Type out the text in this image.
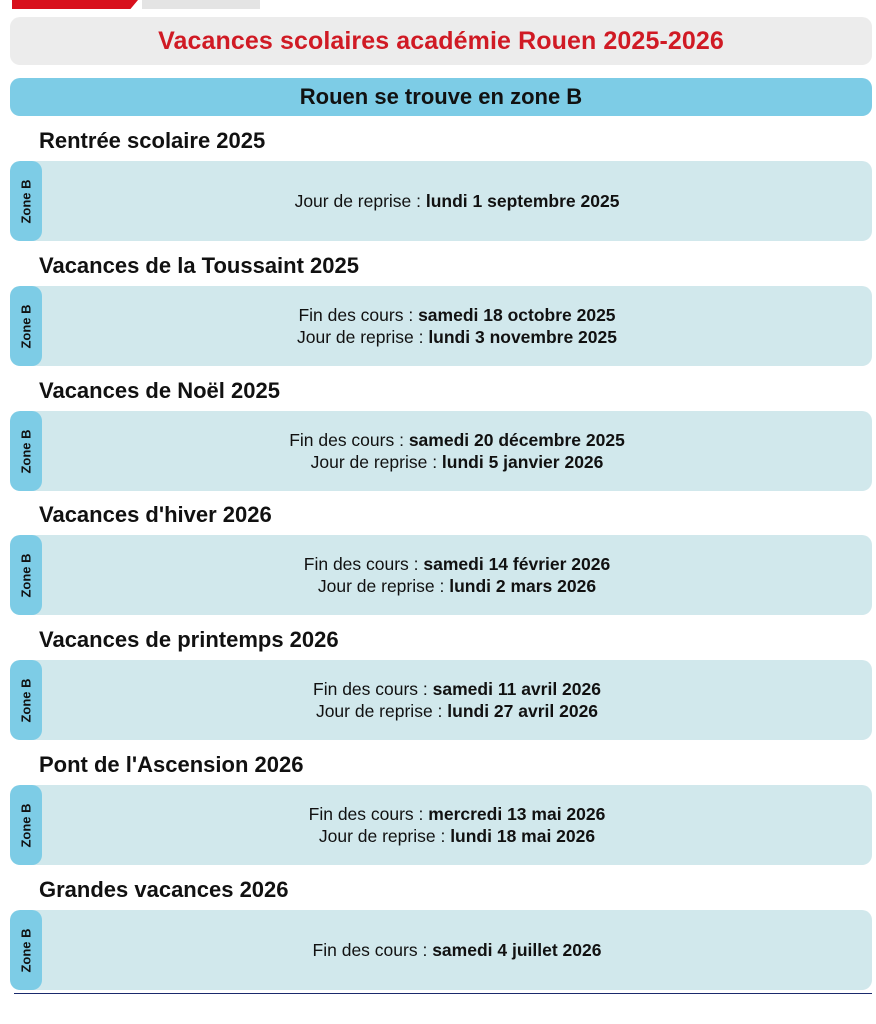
Vacances scolaires académie Rouen 2025-2026
Rouen se trouve en zone B
Rentrée scolaire 2025
Zone B	Jour de reprise : lundi 1 septembre 2025
Vacances de la Toussaint 2025
Zone B	Fin des cours : samedi 18 octobre 2025
Jour de reprise : lundi 3 novembre 2025
Vacances de Noël 2025
Zone B	Fin des cours : samedi 20 décembre 2025
Jour de reprise : lundi 5 janvier 2026
Vacances d'hiver 2026
Zone B	Fin des cours : samedi 14 février 2026
Jour de reprise : lundi 2 mars 2026
Vacances de printemps 2026
Zone B	Fin des cours : samedi 11 avril 2026
Jour de reprise : lundi 27 avril 2026
Pont de l'Ascension 2026
Zone B	Fin des cours : mercredi 13 mai 2026
Jour de reprise : lundi 18 mai 2026
Grandes vacances 2026
Zone B	Fin des cours : samedi 4 juillet 2026
